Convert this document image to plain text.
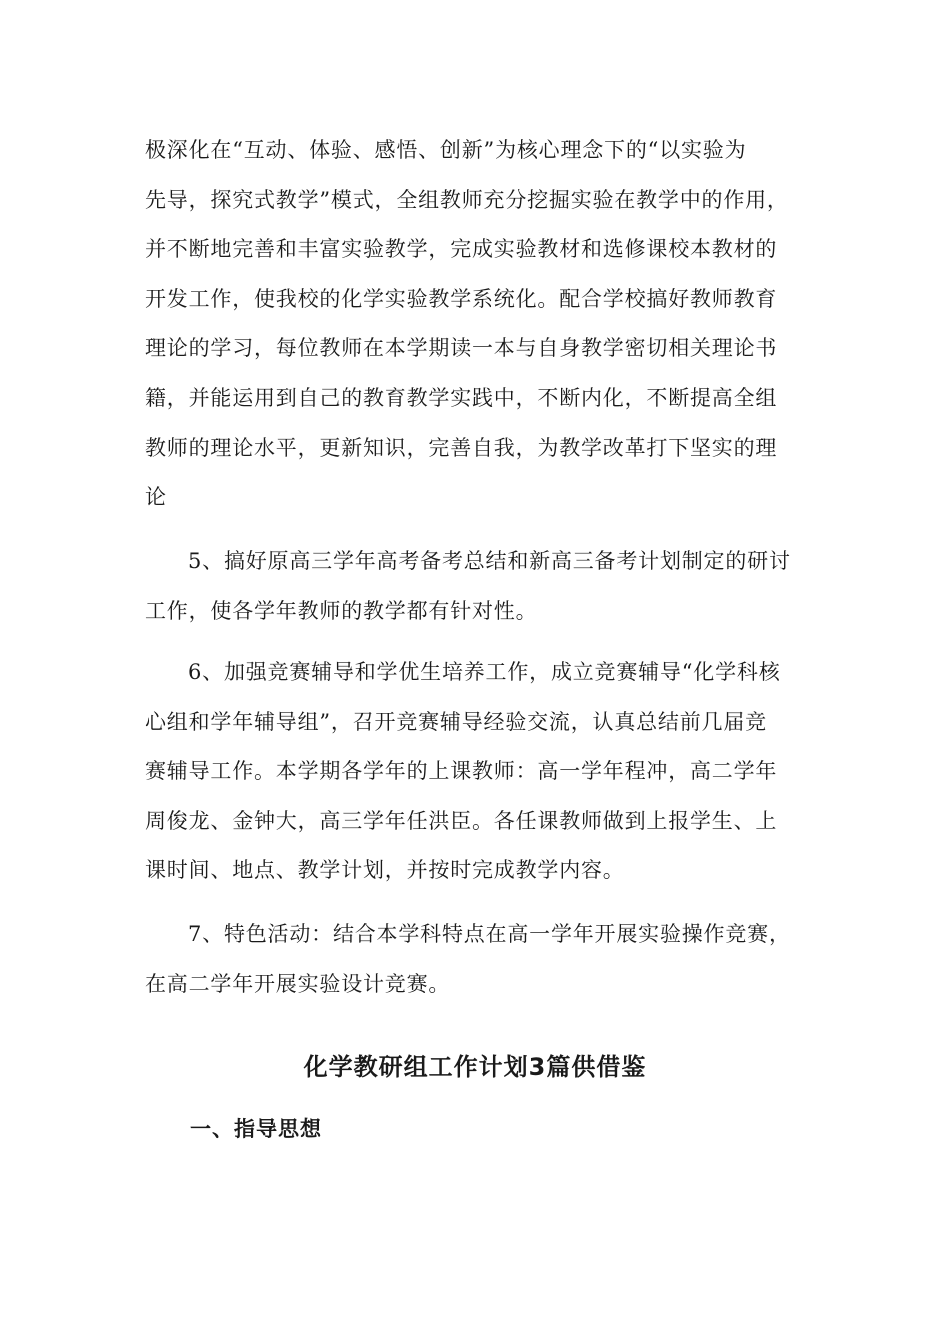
极深化在“互动、体验、感悟、创新”为核心理念下的“以实验为
先导，探究式教学”模式，全组教师充分挖掘实验在教学中的作用，
并不断地完善和丰富实验教学，完成实验教材和选修课校本教材的
开发工作，使我校的化学实验教学系统化。配合学校搞好教师教育
理论的学习，每位教师在本学期读一本与自身教学密切相关理论书
籍，并能运用到自己的教育教学实践中，不断内化，不断提高全组
教师的理论水平，更新知识，完善自我，为教学改革打下坚实的理
论
5、搞好原高三学年高考备考总结和新高三备考计划制定的研讨
工作，使各学年教师的教学都有针对性。
6、加强竞赛辅导和学优生培养工作，成立竞赛辅导“化学科核
心组和学年辅导组”，召开竞赛辅导经验交流，认真总结前几届竞
赛辅导工作。本学期各学年的上课教师：高一学年程冲，高二学年
周俊龙、金钟大，高三学年任洪臣。各任课教师做到上报学生、上
课时间、地点、教学计划，并按时完成教学内容。
7、特色活动：结合本学科特点在高一学年开展实验操作竞赛，
在高二学年开展实验设计竞赛。
化学教研组工作计划3篇供借鉴
一、指导思想
